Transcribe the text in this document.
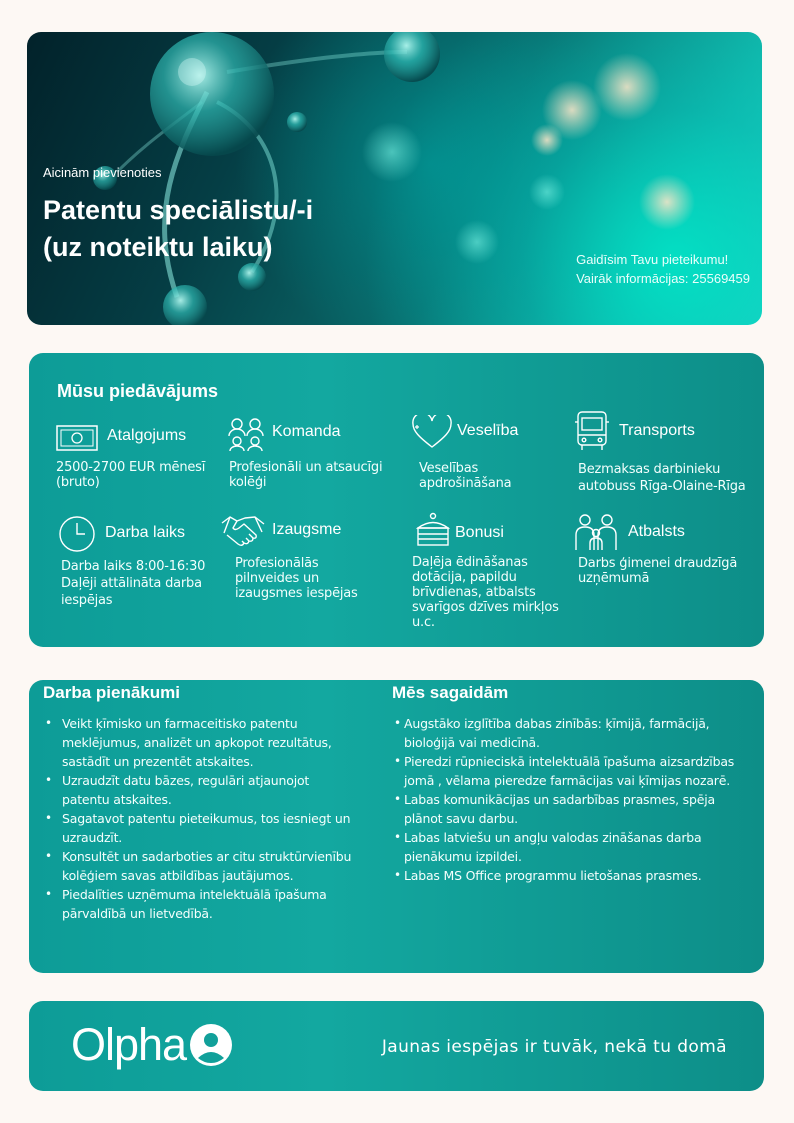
Aicinām pievienoties
Patentu speciālistu/-i
(uz noteiktu laiku)	Gaidīsim Tavu pieteikumu!
Vairāk informācijas: 25569459
Mūsu piedāvājums
Atalgojums
2500-2700 EUR mēnesī
(bruto)
Komanda
Profesionāli un atsaucīgi
kolēģi
Veselība
Veselības
apdrošināšana
Transports
Bezmaksas darbinieku
autobuss Rīga-Olaine-Rīga
Darba laiks
Darba laiks 8:00-16:30
Daļēji attālināta darba
iespējas
Izaugsme
Profesionālās
pilnveides un
izaugsmes iespējas
Bonusi
Daļēja ēdināšanas
dotācija, papildu
brīvdienas, atbalsts
svarīgos dzīves mirkļos
u.c.
Atbalsts
Darbs ģimenei draudzīgā
uzņēmumā
Darba pienākumi
• Veikt ķīmisko un farmaceitisko patentu
meklējumus, analizēt un apkopot rezultātus,
sastādīt un prezentēt atskaites.
• Uzraudzīt datu bāzes, regulāri atjaunojot
patentu atskaites.
• Sagatavot patentu pieteikumus, tos iesniegt un
uzraudzīt.
• Konsultēt un sadarboties ar citu struktūrvienību
kolēģiem savas atbildības jautājumos.
• Piedalīties uzņēmuma intelektuālā īpašuma
pārvaldībā un lietvedībā.
Mēs sagaidām
• Augstāko izglītība dabas zinībās: ķīmijā, farmācijā,
bioloģijā vai medicīnā.
• Pieredzi rūpnieciskā intelektuālā īpašuma aizsardzības
jomā , vēlama pieredze farmācijas vai ķīmijas nozarē.
• Labas komunikācijas un sadarbības prasmes, spēja
plānot savu darbu.
• Labas latviešu un angļu valodas zināšanas darba
pienākumu izpildei.
• Labas MS Office programmu lietošanas prasmes.
Olpha	Jaunas iespējas ir tuvāk, nekā tu domā
